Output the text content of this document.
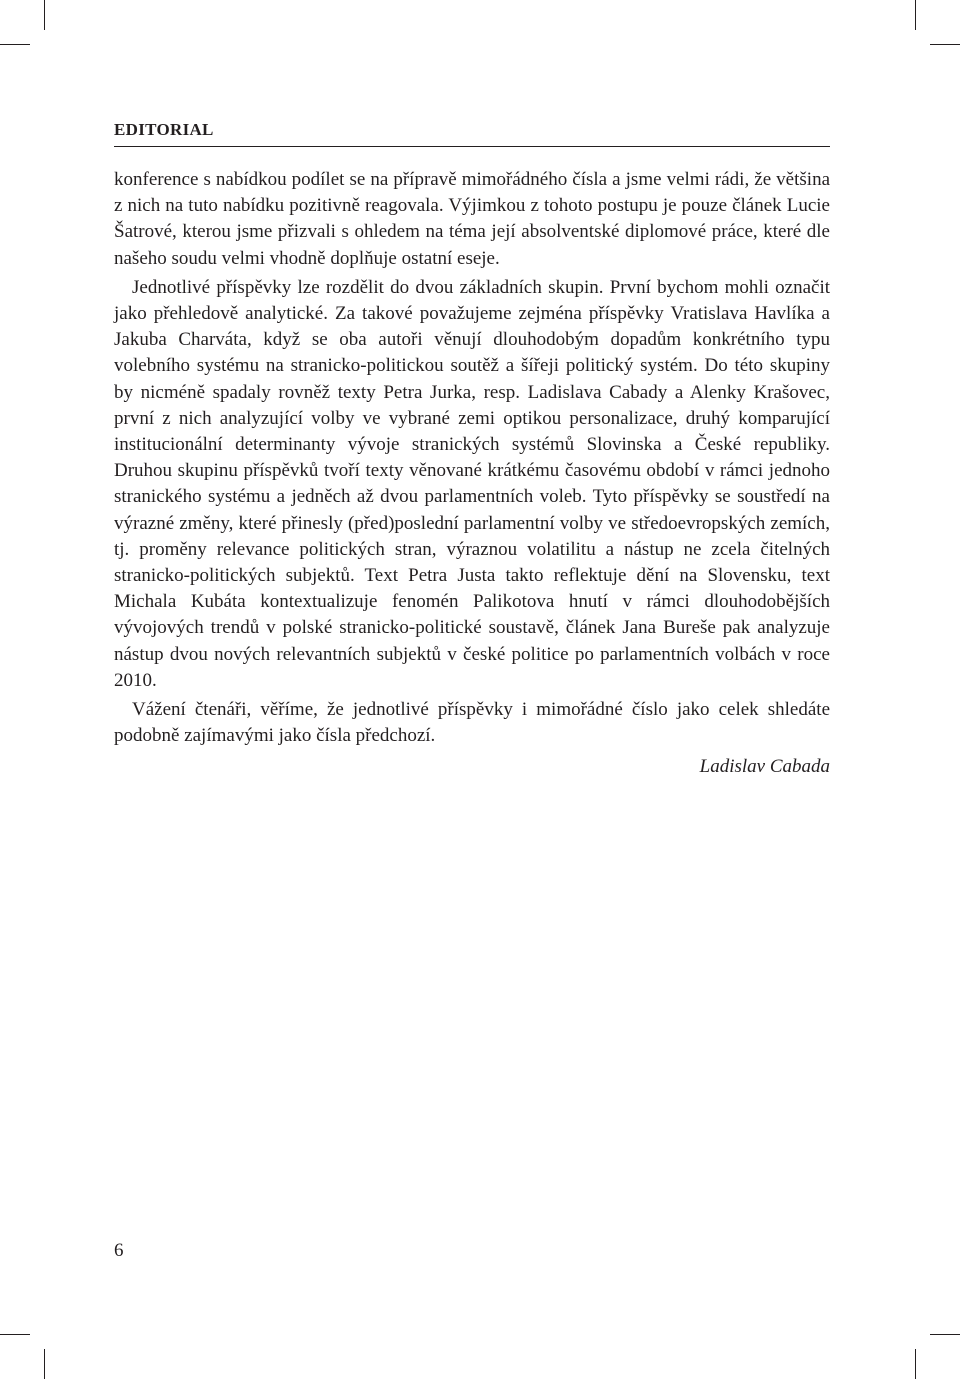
EDITORIAL

konference s nabídkou podílet se na přípravě mimořádného čísla a jsme velmi rádi, že většina z nich na tuto nabídku pozitivně reagovala. Výjimkou z tohoto postupu je pouze článek Lucie Šatrové, kterou jsme přizvali s ohledem na téma její absolventské diplomové práce, které dle našeho soudu velmi vhodně doplňuje ostatní eseje.

Jednotlivé příspěvky lze rozdělit do dvou základních skupin. První bychom mohli označit jako přehledově analytické. Za takové považujeme zejména příspěvky Vratislava Havlíka a Jakuba Charváta, když se oba autoři věnují dlouhodobým dopadům konkrétního typu volebního systému na stranicko-politickou soutěž a šířeji politický systém. Do této skupiny by nicméně spadaly rovněž texty Petra Jurka, resp. Ladislava Cabady a Alenky Krašovec, první z nich analyzující volby ve vybrané zemi optikou personalizace, druhý komparující institucionální determinanty vývoje stranických systémů Slovinska a České republiky. Druhou skupinu příspěvků tvoří texty věnované krátkému časovému období v rámci jednoho stranického systému a jedněch až dvou parlamentních voleb. Tyto příspěvky se soustředí na výrazné změny, které přinesly (před)poslední parlamentní volby ve středoevropských zemích, tj. proměny relevance politických stran, výraznou volatilitu a nástup ne zcela čitelných stranicko-politických subjektů. Text Petra Justa takto reflektuje dění na Slovensku, text Michala Kubáta kontextualizuje fenomén Palikotova hnutí v rámci dlouhodobějších vývojových trendů v polské stranicko-politické soustavě, článek Jana Bureše pak analyzuje nástup dvou nových relevantních subjektů v české politice po parlamentních volbách v roce 2010.

Vážení čtenáři, věříme, že jednotlivé příspěvky i mimořádné číslo jako celek shledáte podobně zajímavými jako čísla předchozí.

Ladislav Cabada
6
